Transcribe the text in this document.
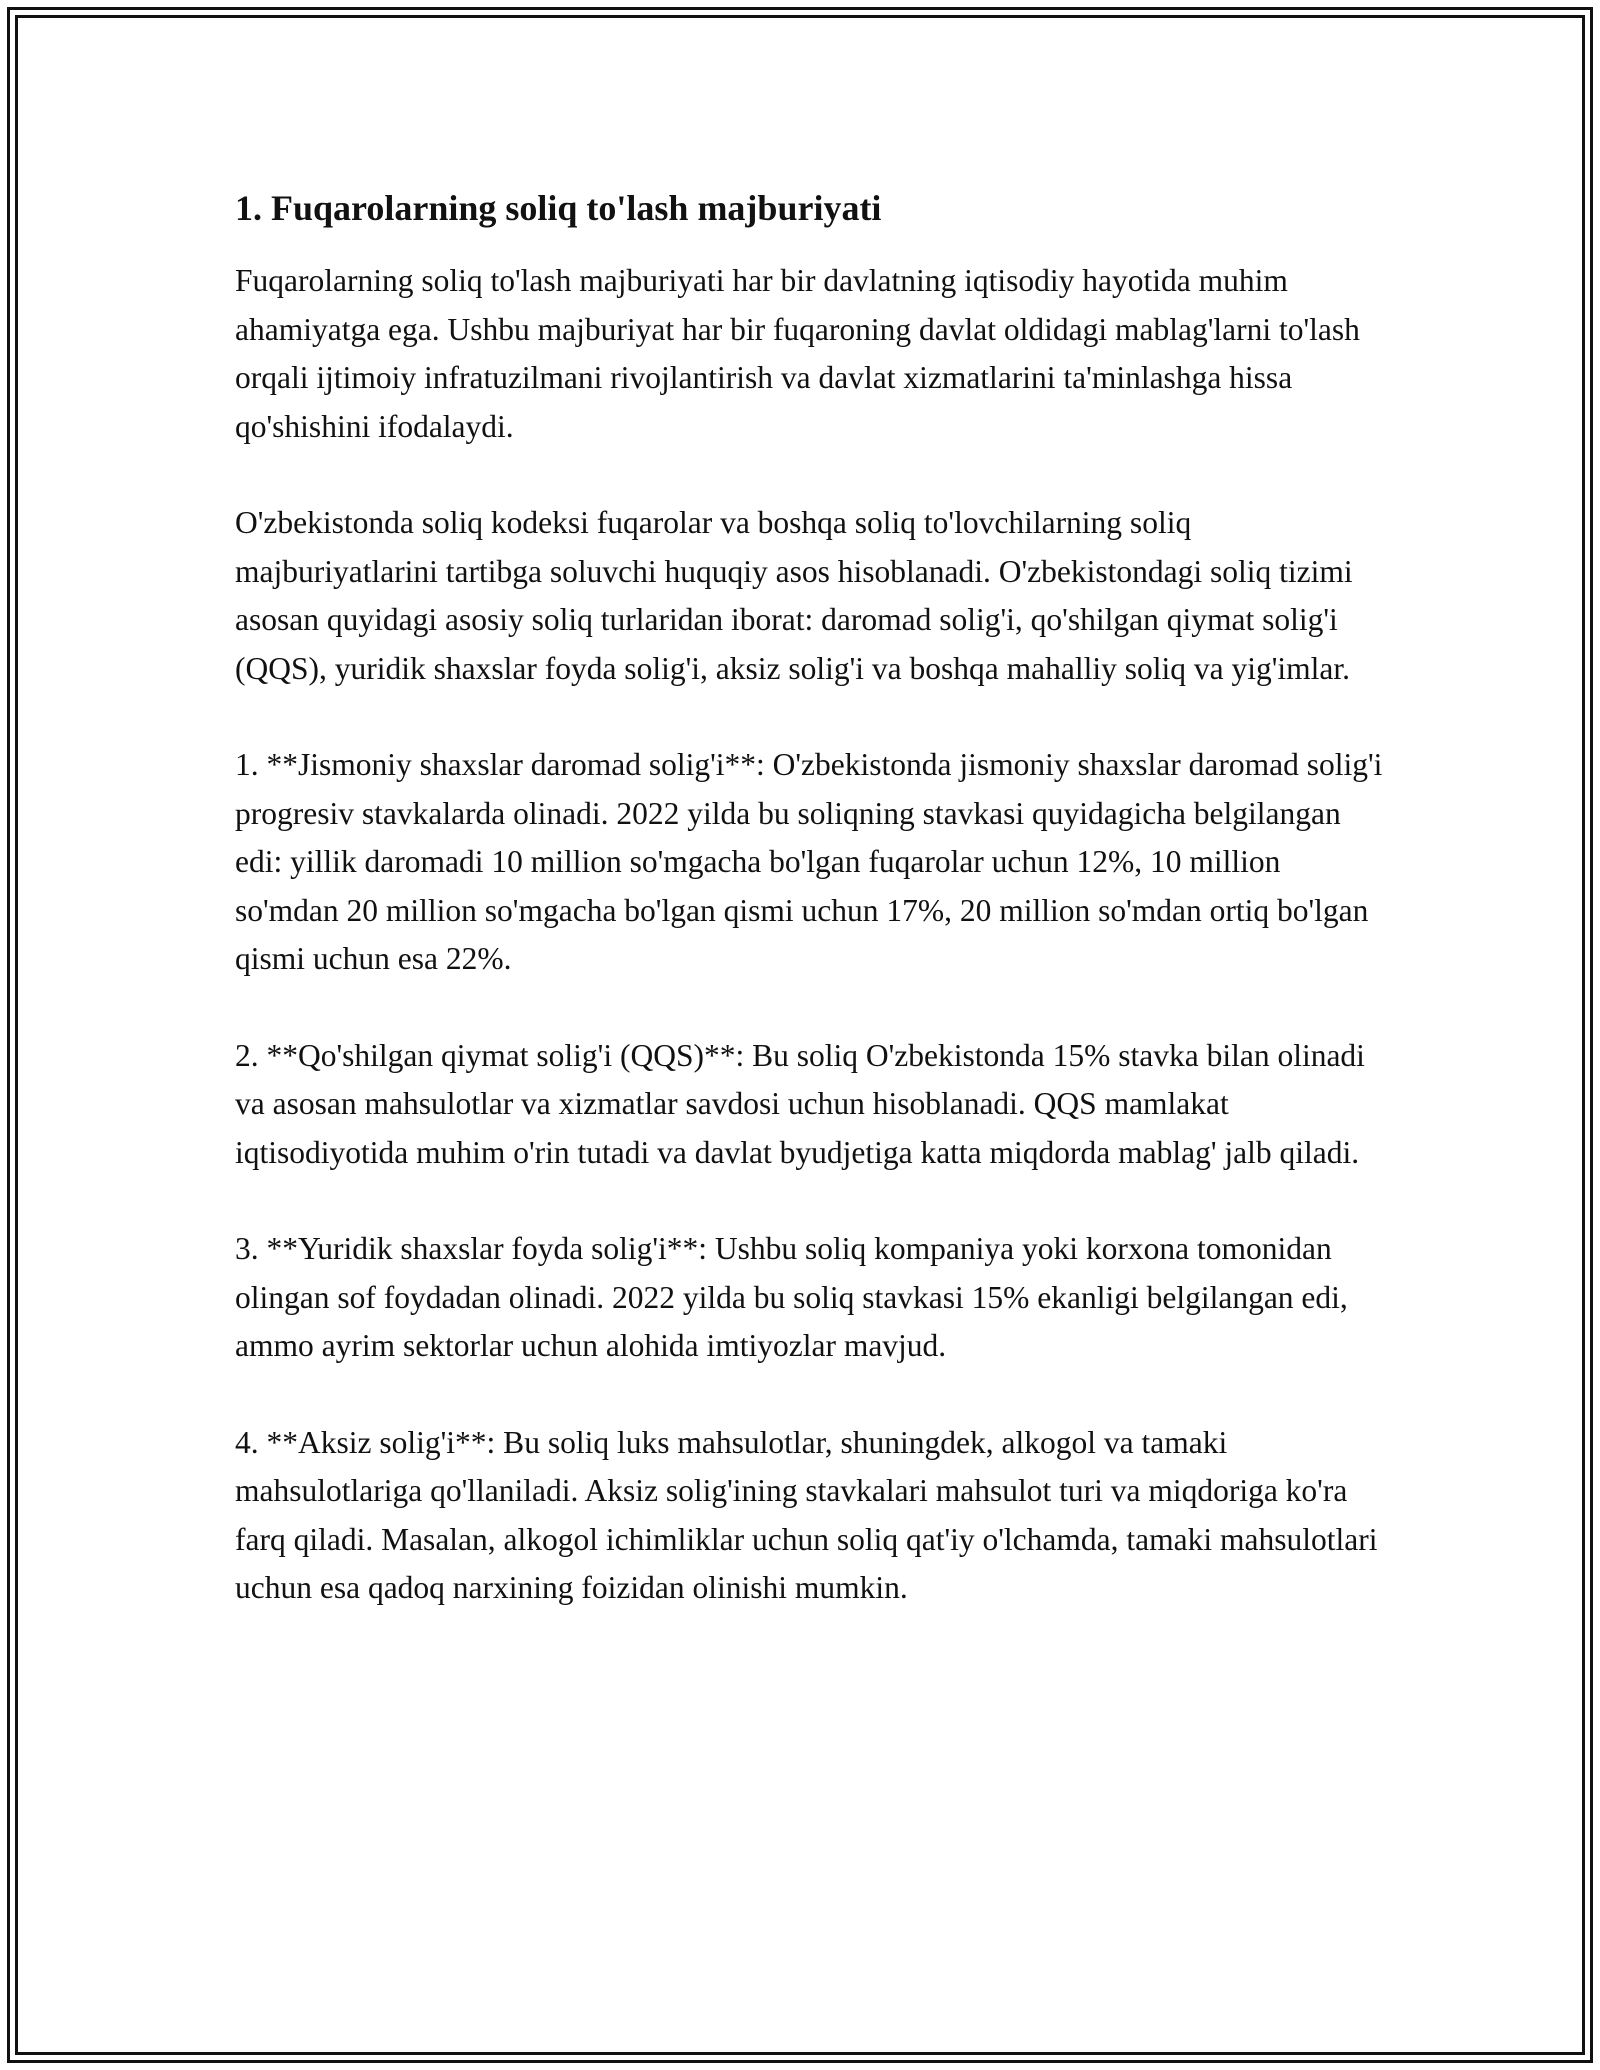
1. Fuqarolarning soliq to'lash majburiyati

Fuqarolarning soliq to'lash majburiyati har bir davlatning iqtisodiy hayotida muhim ahamiyatga ega. Ushbu majburiyat har bir fuqaroning davlat oldidagi mablag'larni to'lash orqali ijtimoiy infratuzilmani rivojlantirish va davlat xizmatlarini ta'minlashga hissa qo'shishini ifodalaydi.

O'zbekistonda soliq kodeksi fuqarolar va boshqa soliq to'lovchilarning soliq majburiyatlarini tartibga soluvchi huquqiy asos hisoblanadi. O'zbekistondagi soliq tizimi asosan quyidagi asosiy soliq turlaridan iborat: daromad solig'i, qo'shilgan qiymat solig'i (QQS), yuridik shaxslar foyda solig'i, aksiz solig'i va boshqa mahalliy soliq va yig'imlar.

1. **Jismoniy shaxslar daromad solig'i**: O'zbekistonda jismoniy shaxslar daromad solig'i progresiv stavkalarda olinadi. 2022 yilda bu soliqning stavkasi quyidagicha belgilangan edi: yillik daromadi 10 million so'mgacha bo'lgan fuqarolar uchun 12%, 10 million so'mdan 20 million so'mgacha bo'lgan qismi uchun 17%, 20 million so'mdan ortiq bo'lgan qismi uchun esa 22%.

2. **Qo'shilgan qiymat solig'i (QQS)**: Bu soliq O'zbekistonda 15% stavka bilan olinadi va asosan mahsulotlar va xizmatlar savdosi uchun hisoblanadi. QQS mamlakat iqtisodiyotida muhim o'rin tutadi va davlat byudjetiga katta miqdorda mablag' jalb qiladi.

3. **Yuridik shaxslar foyda solig'i**: Ushbu soliq kompaniya yoki korxona tomonidan olingan sof foydadan olinadi. 2022 yilda bu soliq stavkasi 15% ekanligi belgilangan edi, ammo ayrim sektorlar uchun alohida imtiyozlar mavjud.

4. **Aksiz solig'i**: Bu soliq luks mahsulotlar, shuningdek, alkogol va tamaki mahsulotlariga qo'llaniladi. Aksiz solig'ining stavkalari mahsulot turi va miqdoriga ko'ra farq qiladi. Masalan, alkogol ichimliklar uchun soliq qat'iy o'lchamda, tamaki mahsulotlari uchun esa qadoq narxining foizidan olinishi mumkin.
